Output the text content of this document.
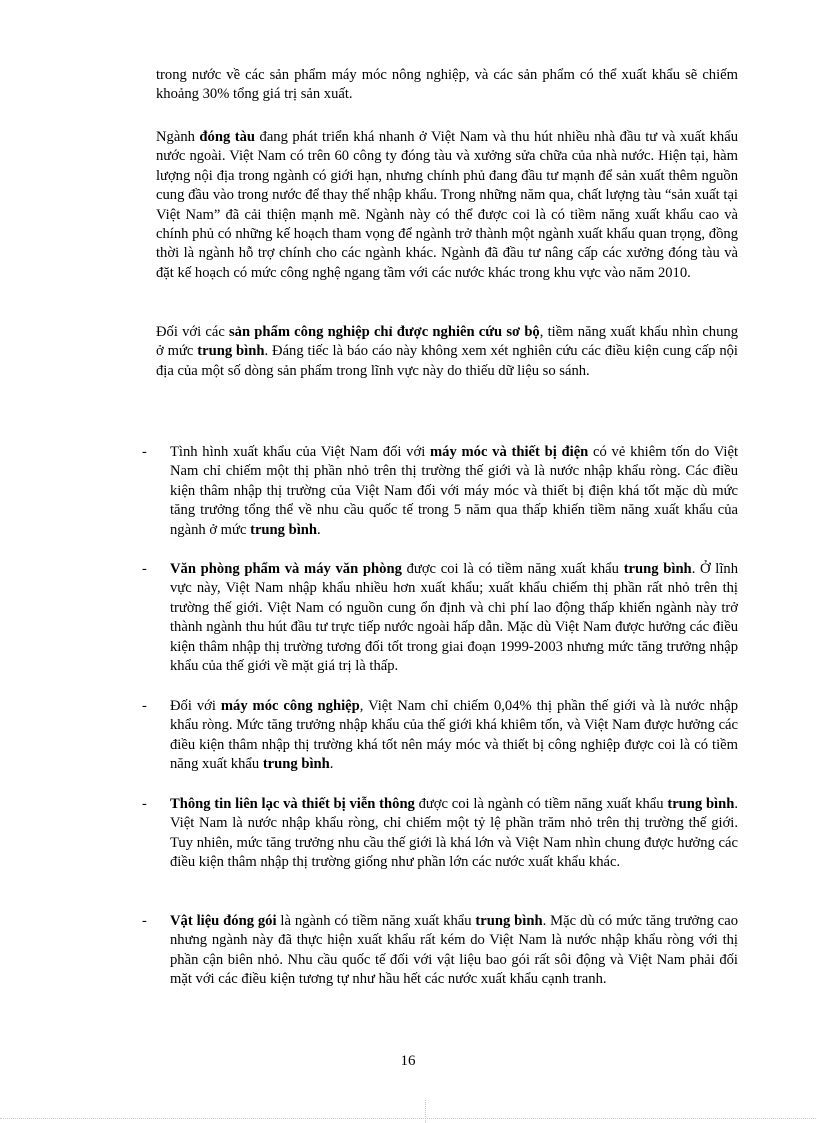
trong nước về các sản phẩm máy móc nông nghiệp, và các sản phẩm có thể xuất khẩu sẽ chiếm khoảng 30% tổng giá trị sản xuất.
Ngành đóng tàu đang phát triển khá nhanh ở Việt Nam và thu hút nhiều nhà đầu tư và xuất khẩu nước ngoài. Việt Nam có trên 60 công ty đóng tàu và xưởng sửa chữa của nhà nước. Hiện tại, hàm lượng nội địa trong ngành có giới hạn, nhưng chính phủ đang đầu tư mạnh để sản xuất thêm nguồn cung đầu vào trong nước để thay thế nhập khẩu. Trong những năm qua, chất lượng tàu “sản xuất tại Việt Nam” đã cải thiện mạnh mẽ. Ngành này có thể được coi là có tiềm năng xuất khẩu cao và chính phủ có những kế hoạch tham vọng để ngành trở thành một ngành xuất khẩu quan trọng, đồng thời là ngành hỗ trợ chính cho các ngành khác. Ngành đã đầu tư nâng cấp các xưởng đóng tàu và đặt kế hoạch có mức công nghệ ngang tầm với các nước khác trong khu vực vào năm 2010.
Đối với các sản phẩm công nghiệp chỉ được nghiên cứu sơ bộ, tiềm năng xuất khẩu nhìn chung ở mức trung bình. Đáng tiếc là báo cáo này không xem xét nghiên cứu các điều kiện cung cấp nội địa của một số dòng sản phẩm trong lĩnh vực này do thiếu dữ liệu so sánh.
- Tình hình xuất khẩu của Việt Nam đối với máy móc và thiết bị điện có vẻ khiêm tốn do Việt Nam chỉ chiếm một thị phần nhỏ trên thị trường thế giới và là nước nhập khẩu ròng. Các điều kiện thâm nhập thị trường của Việt Nam đối với máy móc và thiết bị điện khá tốt mặc dù mức tăng trưởng tổng thể về nhu cầu quốc tế trong 5 năm qua thấp khiến tiềm năng xuất khẩu của ngành ở mức trung bình.
- Văn phòng phẩm và máy văn phòng được coi là có tiềm năng xuất khẩu trung bình. Ở lĩnh vực này, Việt Nam nhập khẩu nhiều hơn xuất khẩu; xuất khẩu chiếm thị phần rất nhỏ trên thị trường thế giới. Việt Nam có nguồn cung ổn định và chi phí lao động thấp khiến ngành này trở thành ngành thu hút đầu tư trực tiếp nước ngoài hấp dẫn. Mặc dù Việt Nam được hưởng các điều kiện thâm nhập thị trường tương đối tốt trong giai đoạn 1999-2003 nhưng mức tăng trưởng nhập khẩu của thế giới về mặt giá trị là thấp.
- Đối với máy móc công nghiệp, Việt Nam chỉ chiếm 0,04% thị phần thế giới và là nước nhập khẩu ròng. Mức tăng trưởng nhập khẩu của thế giới khá khiêm tốn, và Việt Nam được hưởng các điều kiện thâm nhập thị trường khá tốt nên máy móc và thiết bị công nghiệp được coi là có tiềm năng xuất khẩu trung bình.
- Thông tin liên lạc và thiết bị viễn thông được coi là ngành có tiềm năng xuất khẩu trung bình. Việt Nam là nước nhập khẩu ròng, chỉ chiếm một tỷ lệ phần trăm nhỏ trên thị trường thế giới. Tuy nhiên, mức tăng trưởng nhu cầu thế giới là khá lớn và Việt Nam nhìn chung được hưởng các điều kiện thâm nhập thị trường giống như phần lớn các nước xuất khẩu khác.
- Vật liệu đóng gói là ngành có tiềm năng xuất khẩu trung bình. Mặc dù có mức tăng trưởng cao nhưng ngành này đã thực hiện xuất khẩu rất kém do Việt Nam là nước nhập khẩu ròng với thị phần cận biên nhỏ. Nhu cầu quốc tế đối với vật liệu bao gói rất sôi động và Việt Nam phải đối mặt với các điều kiện tương tự như hầu hết các nước xuất khẩu cạnh tranh.
16
